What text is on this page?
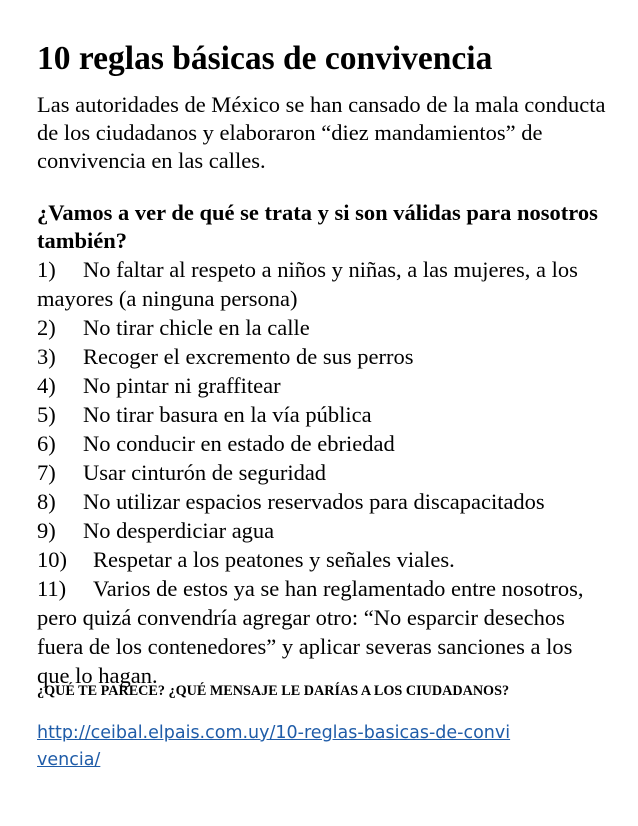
10 reglas básicas de convivencia

Las autoridades de México se han cansado de la mala conducta de los ciudadanos y elaboraron “diez mandamientos” de convivencia en las calles.

¿Vamos a ver de qué se trata y si son válidas para nosotros también?

1) No faltar al respeto a niños y niñas, a las mujeres, a los mayores (a ninguna persona)
2) No tirar chicle en la calle
3) Recoger el excremento de sus perros
4) No pintar ni graffitear
5) No tirar basura en la vía pública
6) No conducir en estado de ebriedad
7) Usar cinturón de seguridad
8) No utilizar espacios reservados para discapacitados
9) No desperdiciar agua
10) Respetar a los peatones y señales viales.
11) Varios de estos ya se han reglamentado entre nosotros, pero quizá convendría agregar otro: “No esparcir desechos fuera de los contenedores” y aplicar severas sanciones a los que lo hagan.

¿QUÉ TE PARECE? ¿QUÉ MENSAJE LE DARÍAS A LOS CIUDADANOS?

http://ceibal.elpais.com.uy/10-reglas-basicas-de-convivencia/
